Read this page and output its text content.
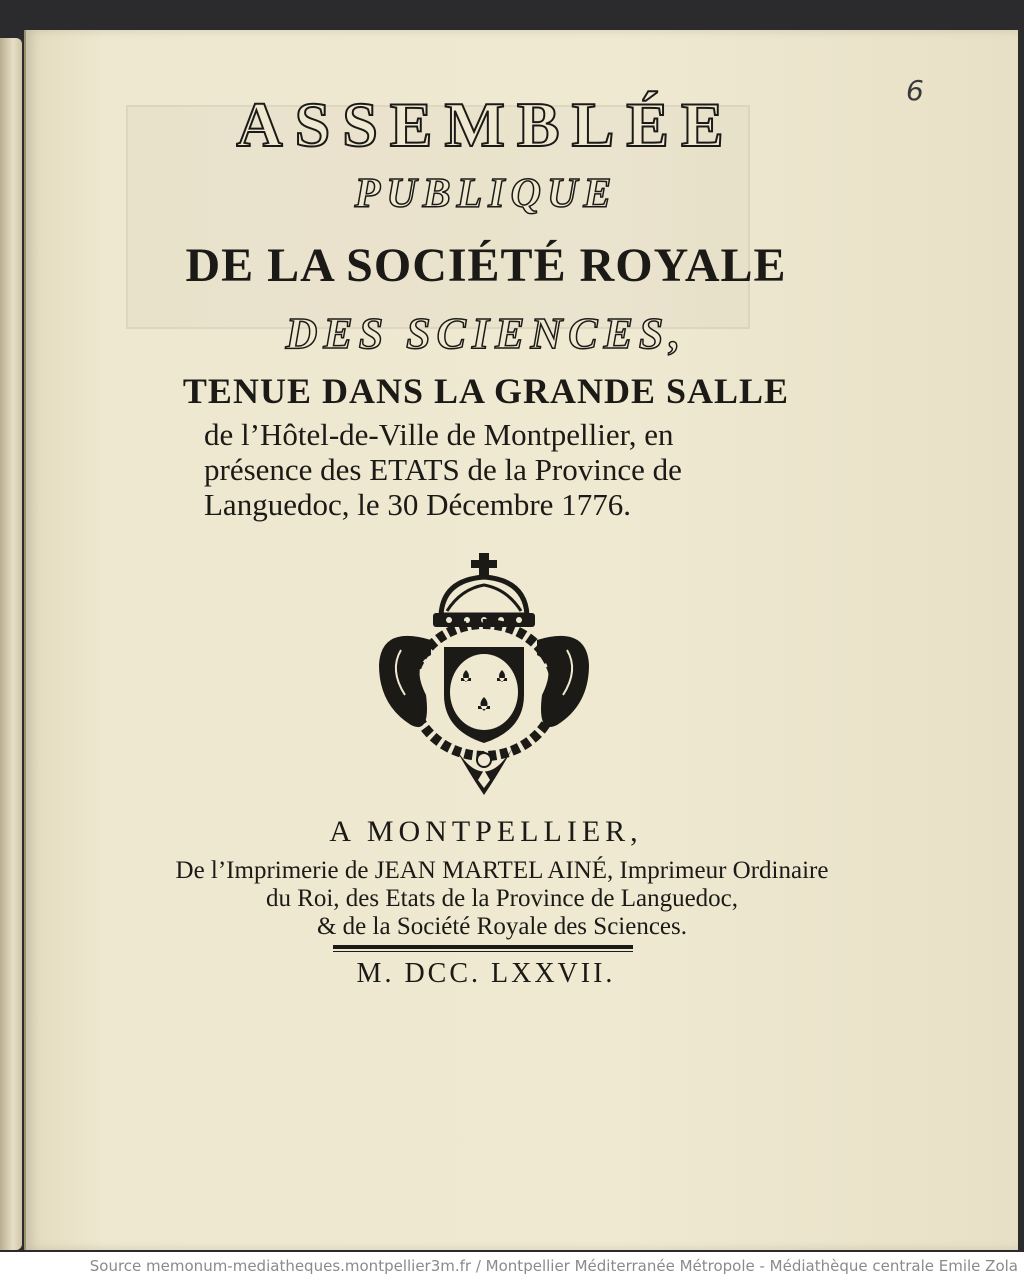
6
ASSEMBLÉE
PUBLIQUE
DE LA SOCIÉTÉ ROYALE
DES SCIENCES,
TENUE DANS LA GRANDE SALLE
de l’Hôtel-de-Ville de Montpellier, en
présence des ETATS de la Province de
Languedoc, le 30 Décembre 1776.
A MONTPELLIER,
De l’Imprimerie de JEAN MARTEL AINÉ, Imprimeur Ordinaire
du Roi, des Etats de la Province de Languedoc,
& de la Société Royale des Sciences.
M. DCC. LXXVII.
Source memonum-mediatheques.montpellier3m.fr / Montpellier Méditerranée Métropole - Médiathèque centrale Emile Zola
